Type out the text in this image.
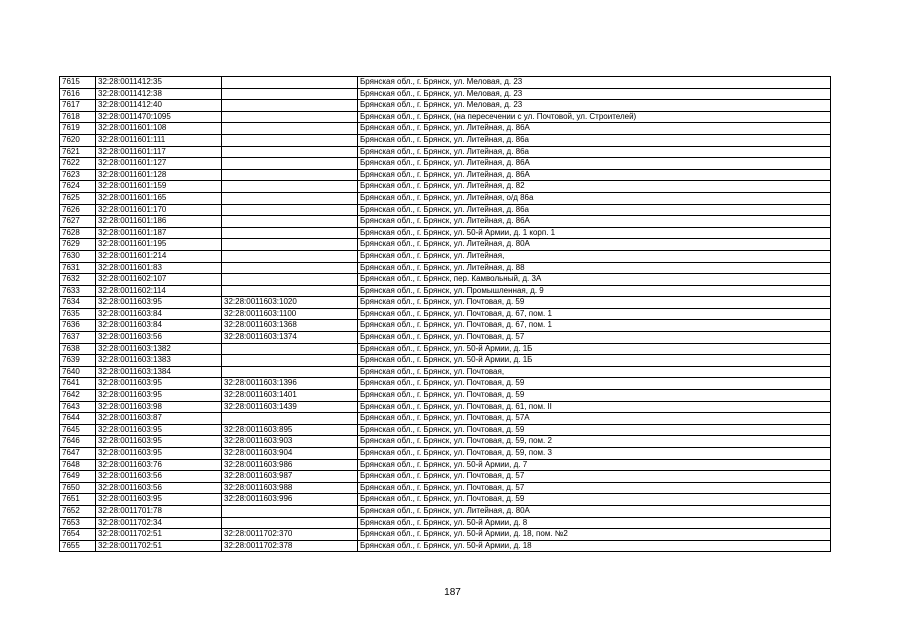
7615	32:28:0011412:35		Брянская обл., г. Брянск, ул. Меловая, д. 23
7616	32:28:0011412:38		Брянская обл., г. Брянск, ул. Меловая, д. 23
7617	32:28:0011412:40		Брянская обл., г. Брянск, ул. Меловая, д. 23
7618	32:28:0011470:1095		Брянская обл., г. Брянск, (на пересечении с ул. Почтовой, ул. Строителей)
7619	32:28:0011601:108		Брянская обл., г. Брянск, ул. Литейная, д. 86А
7620	32:28:0011601:111		Брянская обл., г. Брянск, ул. Литейная, д. 86а
7621	32:28:0011601:117		Брянская обл., г. Брянск, ул. Литейная, д. 86а
7622	32:28:0011601:127		Брянская обл., г. Брянск, ул. Литейная, д. 86А
7623	32:28:0011601:128		Брянская обл., г. Брянск, ул. Литейная, д. 86А
7624	32:28:0011601:159		Брянская обл., г. Брянск, ул. Литейная, д. 82
7625	32:28:0011601:165		Брянская обл., г. Брянск, ул. Литейная, о/д 86а
7626	32:28:0011601:170		Брянская обл., г. Брянск, ул. Литейная, д. 86а
7627	32:28:0011601:186		Брянская обл., г. Брянск, ул. Литейная, д. 86А
7628	32:28:0011601:187		Брянская обл., г. Брянск, ул. 50-й Армии, д. 1 корп. 1
7629	32:28:0011601:195		Брянская обл., г. Брянск, ул. Литейная, д. 80А
7630	32:28:0011601:214		Брянская обл., г. Брянск, ул. Литейная,
7631	32:28:0011601:83		Брянская обл., г. Брянск, ул. Литейная, д. 88
7632	32:28:0011602:107		Брянская обл., г. Брянск, пер. Камвольный, д. 3А
7633	32:28:0011602:114		Брянская обл., г. Брянск, ул. Промышленная, д. 9
7634	32:28:0011603:95	32:28:0011603:1020	Брянская обл., г. Брянск, ул. Почтовая, д. 59
7635	32:28:0011603:84	32:28:0011603:1100	Брянская обл., г. Брянск, ул. Почтовая, д. 67, пом. 1
7636	32:28:0011603:84	32:28:0011603:1368	Брянская обл., г. Брянск, ул. Почтовая, д. 67, пом. 1
7637	32:28:0011603:56	32:28:0011603:1374	Брянская обл., г. Брянск, ул. Почтовая, д. 57
7638	32:28:0011603:1382		Брянская обл., г. Брянск, ул. 50-й Армии, д. 1Б
7639	32:28:0011603:1383		Брянская обл., г. Брянск, ул. 50-й Армии, д. 1Б
7640	32:28:0011603:1384		Брянская обл., г. Брянск, ул. Почтовая,
7641	32:28:0011603:95	32:28:0011603:1396	Брянская обл., г. Брянск, ул. Почтовая, д. 59
7642	32:28:0011603:95	32:28:0011603:1401	Брянская обл., г. Брянск, ул. Почтовая, д. 59
7643	32:28:0011603:98	32:28:0011603:1439	Брянская обл., г. Брянск, ул. Почтовая, д. 61, пом. II
7644	32:28:0011603:87		Брянская обл., г. Брянск, ул. Почтовая, д. 57А
7645	32:28:0011603:95	32:28:0011603:895	Брянская обл., г. Брянск, ул. Почтовая, д. 59
7646	32:28:0011603:95	32:28:0011603:903	Брянская обл., г. Брянск, ул. Почтовая, д. 59, пом. 2
7647	32:28:0011603:95	32:28:0011603:904	Брянская обл., г. Брянск, ул. Почтовая, д. 59, пом. 3
7648	32:28:0011603:76	32:28:0011603:986	Брянская обл., г. Брянск, ул. 50-й Армии, д. 7
7649	32:28:0011603:56	32:28:0011603:987	Брянская обл., г. Брянск, ул. Почтовая, д. 57
7650	32:28:0011603:56	32:28:0011603:988	Брянская обл., г. Брянск, ул. Почтовая, д. 57
7651	32:28:0011603:95	32:28:0011603:996	Брянская обл., г. Брянск, ул. Почтовая, д. 59
7652	32:28:0011701:78		Брянская обл., г. Брянск, ул. Литейная, д. 80А
7653	32:28:0011702:34		Брянская обл., г. Брянск, ул. 50-й Армии, д. 8
7654	32:28:0011702:51	32:28:0011702:370	Брянская обл., г. Брянск, ул. 50-й Армии, д. 18, пом. №2
7655	32:28:0011702:51	32:28:0011702:378	Брянская обл., г. Брянск, ул. 50-й Армии, д. 18
187
